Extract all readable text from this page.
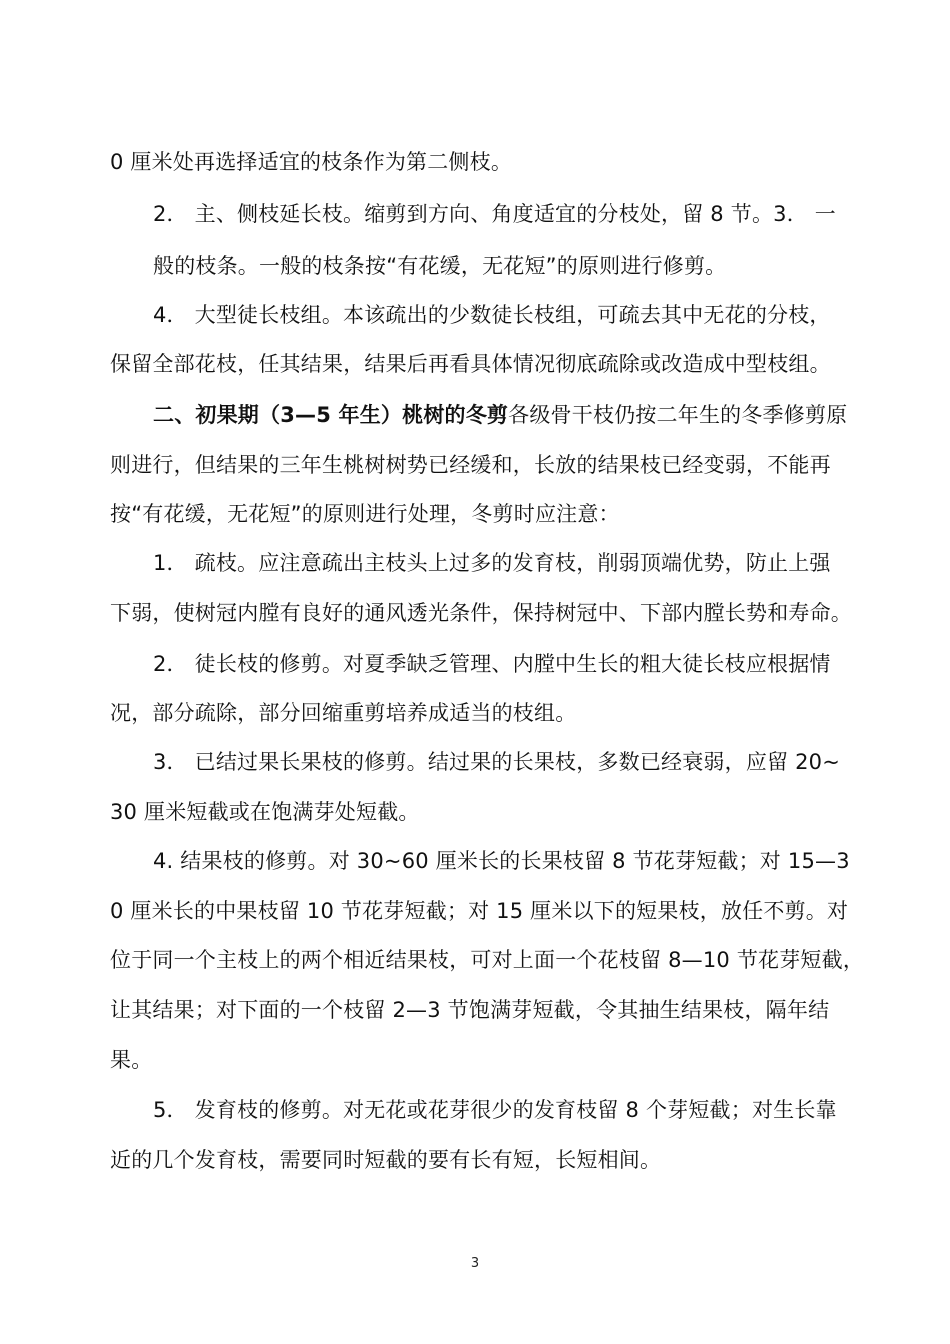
0 厘米处再选择适宜的枝条作为第二侧枝。
2． 主、侧枝延长枝。缩剪到方向、角度适宜的分枝处，留 8 节。3． 一
般的枝条。一般的枝条按“有花缓，无花短”的原则进行修剪。
4． 大型徒长枝组。本该疏出的少数徒长枝组，可疏去其中无花的分枝，
保留全部花枝，任其结果，结果后再看具体情况彻底疏除或改造成中型枝组。
二、初果期（3—5 年生）桃树的冬剪各级骨干枝仍按二年生的冬季修剪原
则进行，但结果的三年生桃树树势已经缓和，长放的结果枝已经变弱，不能再
按“有花缓，无花短”的原则进行处理，冬剪时应注意：
1． 疏枝。应注意疏出主枝头上过多的发育枝，削弱顶端优势，防止上强
下弱，使树冠内膛有良好的通风透光条件，保持树冠中、下部内膛长势和寿命。
2． 徒长枝的修剪。对夏季缺乏管理、内膛中生长的粗大徒长枝应根据情
况，部分疏除，部分回缩重剪培养成适当的枝组。
3． 已结过果长果枝的修剪。结过果的长果枝，多数已经衰弱，应留 20~
30 厘米短截或在饱满芽处短截。
4. 结果枝的修剪。对 30~60 厘米长的长果枝留 8 节花芽短截；对 15—3
0 厘米长的中果枝留 10 节花芽短截；对 15 厘米以下的短果枝，放任不剪。对
位于同一个主枝上的两个相近结果枝，可对上面一个花枝留 8—10 节花芽短截，
让其结果；对下面的一个枝留 2—3 节饱满芽短截，令其抽生结果枝，隔年结
果。
5． 发育枝的修剪。对无花或花芽很少的发育枝留 8 个芽短截；对生长靠
近的几个发育枝，需要同时短截的要有长有短，长短相间。
3
